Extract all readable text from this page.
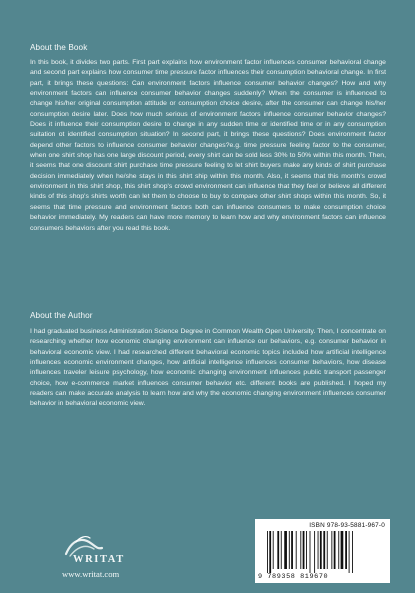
About the Book

In this book, it divides two parts. First part explains how environment factor influences consumer behavioral change and second part explains how consumer time pressure factor influences their consumption behavioral change. In first part, it brings these questions: Can environment factors influence consumer behavior changes? How and why environment factors can influence consumer behavior changes suddenly? When the consumer is influenced to change his/her original consumption attitude or consumption choice desire, after the consumer can change his/her consumption desire later. Does how much serious of environment factors influence consumer behavior changes? Does it influence their consumption desire to change in any sudden time or identified time or in any consumption suitation ot identified consumption situation? In second part, it brings these questions? Does environment factor depend other factors to influence consumer behavior changes?e.g. time pressure feeling factor to the consumer, when one shirt shop has one large discount period, every shirt can be sold less 30% to 50% within this month. Then, it seems that one discount shirt purchase time pressure feeling to let shirt buyers make any kinds of shirt purchase decision immediately when he/she stays in this shirt ship within this month. Also, it seems that this month's crowd environment in this shirt shop, this shirt shop's crowd environment can influence that they feel or believe all different kinds of this shop's shirts worth can let them to choose to buy to compare other shirt shops within this month. So, it seems that time pressure and environment factors both can influence consumers to make consumption choice behavior immediately. My readers can have more memory to learn how and why environment factors can influence consumers behaviors after you read this book.

About the Author

I had graduated business Administration Science Degree in Common Wealth Open University. Then, I concentrate on researching whether how economic changing environment can influence our behaviors, e.g. consumer behavior in behavioral economic view. I had researched different behavioral economic topics included how artificial intelligence influences economic environment changes, how artificial intelligence influences consumer behaviors, how disease influences traveler leisure psychology, how economic changing environment influences public transport passenger choice, how e-commerce market influences consumer behavior etc. different books are published. I hoped my readers can make accurate analysis to learn how and why the economic changing environment influences consumer behavior in behavioral economic view.

WRITAT
www.writat.com
ISBN 978-93-5881-967-0
9 789358 819670
